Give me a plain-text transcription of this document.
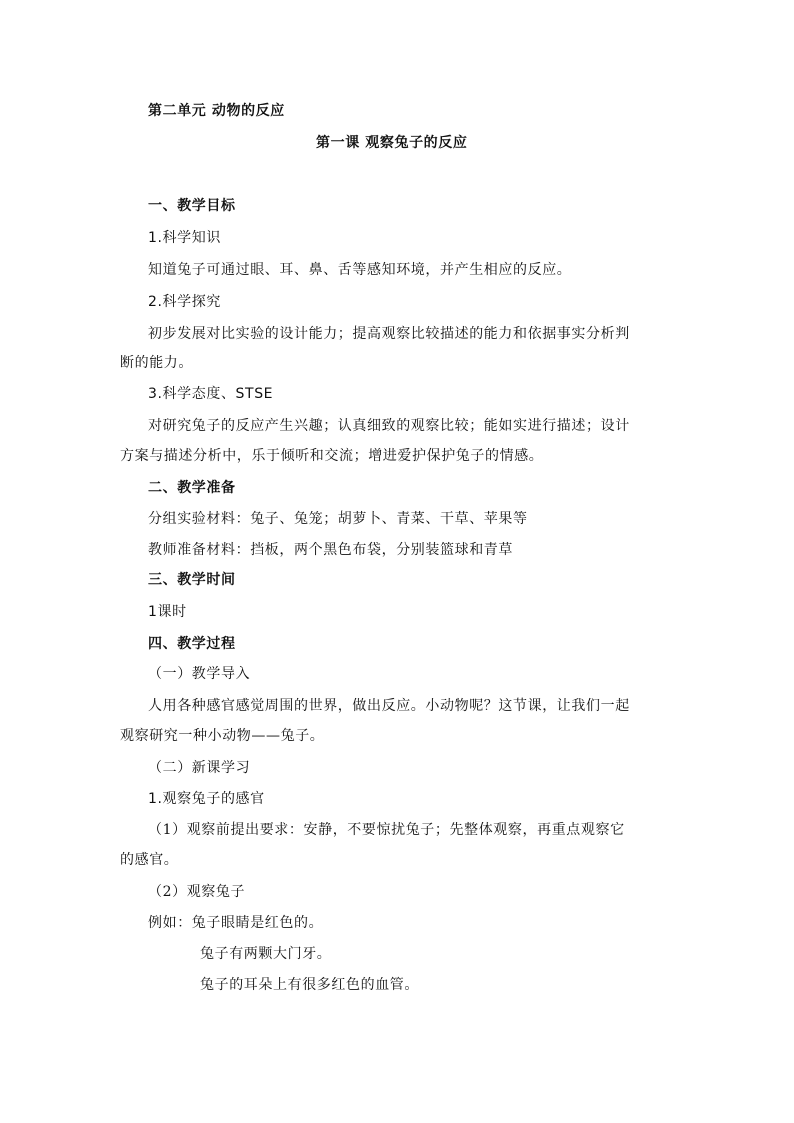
第二单元 动物的反应

第一课 观察兔子的反应

一、教学目标

1.科学知识

知道兔子可通过眼、耳、鼻、舌等感知环境，并产生相应的反应。

2.科学探究

初步发展对比实验的设计能力；提高观察比较描述的能力和依据事实分析判

断的能力。

3.科学态度、STSE

对研究兔子的反应产生兴趣；认真细致的观察比较；能如实进行描述；设计

方案与描述分析中，乐于倾听和交流；增进爱护保护兔子的情感。

二、教学准备

分组实验材料：兔子、兔笼；胡萝卜、青菜、干草、苹果等

教师准备材料：挡板，两个黑色布袋，分别装篮球和青草

三、教学时间

1课时

四、教学过程

（一）教学导入

人用各种感官感觉周围的世界，做出反应。小动物呢？这节课，让我们一起

观察研究一种小动物——兔子。

（二）新课学习

1.观察兔子的感官

（1）观察前提出要求：安静，不要惊扰兔子；先整体观察，再重点观察它

的感官。

（2）观察兔子

例如：兔子眼睛是红色的。

兔子有两颗大门牙。

兔子的耳朵上有很多红色的血管。
